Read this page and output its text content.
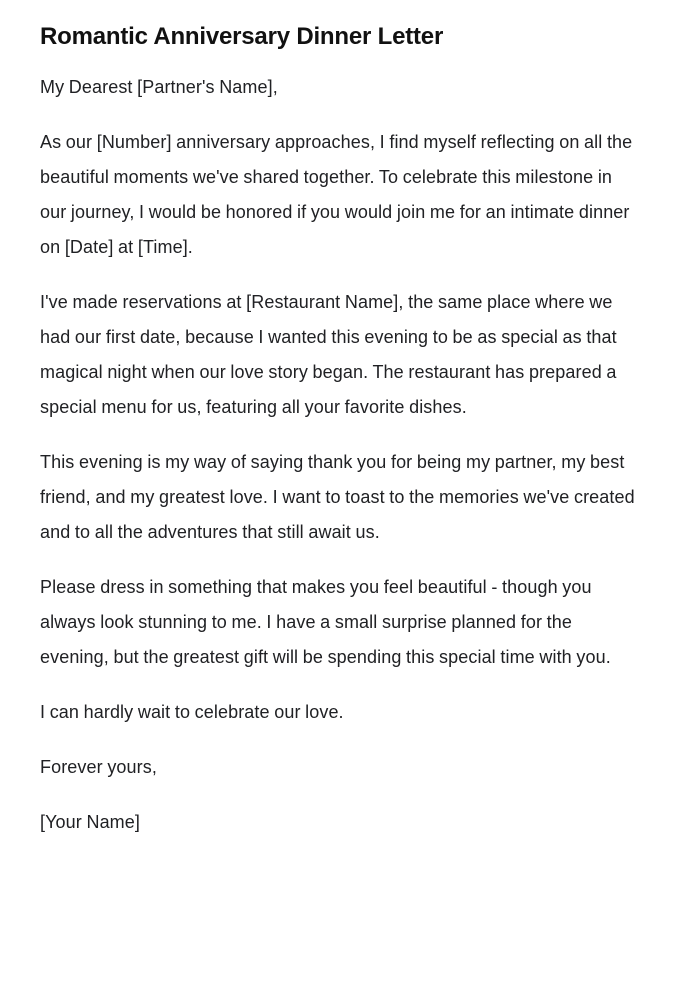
Romantic Anniversary Dinner Letter

My Dearest [Partner's Name],

As our [Number] anniversary approaches, I find myself reflecting on all the beautiful moments we've shared together. To celebrate this milestone in our journey, I would be honored if you would join me for an intimate dinner on [Date] at [Time].

I've made reservations at [Restaurant Name], the same place where we had our first date, because I wanted this evening to be as special as that magical night when our love story began. The restaurant has prepared a special menu for us, featuring all your favorite dishes.

This evening is my way of saying thank you for being my partner, my best friend, and my greatest love. I want to toast to the memories we've created and to all the adventures that still await us.

Please dress in something that makes you feel beautiful - though you always look stunning to me. I have a small surprise planned for the evening, but the greatest gift will be spending this special time with you.

I can hardly wait to celebrate our love.

Forever yours,

[Your Name]
